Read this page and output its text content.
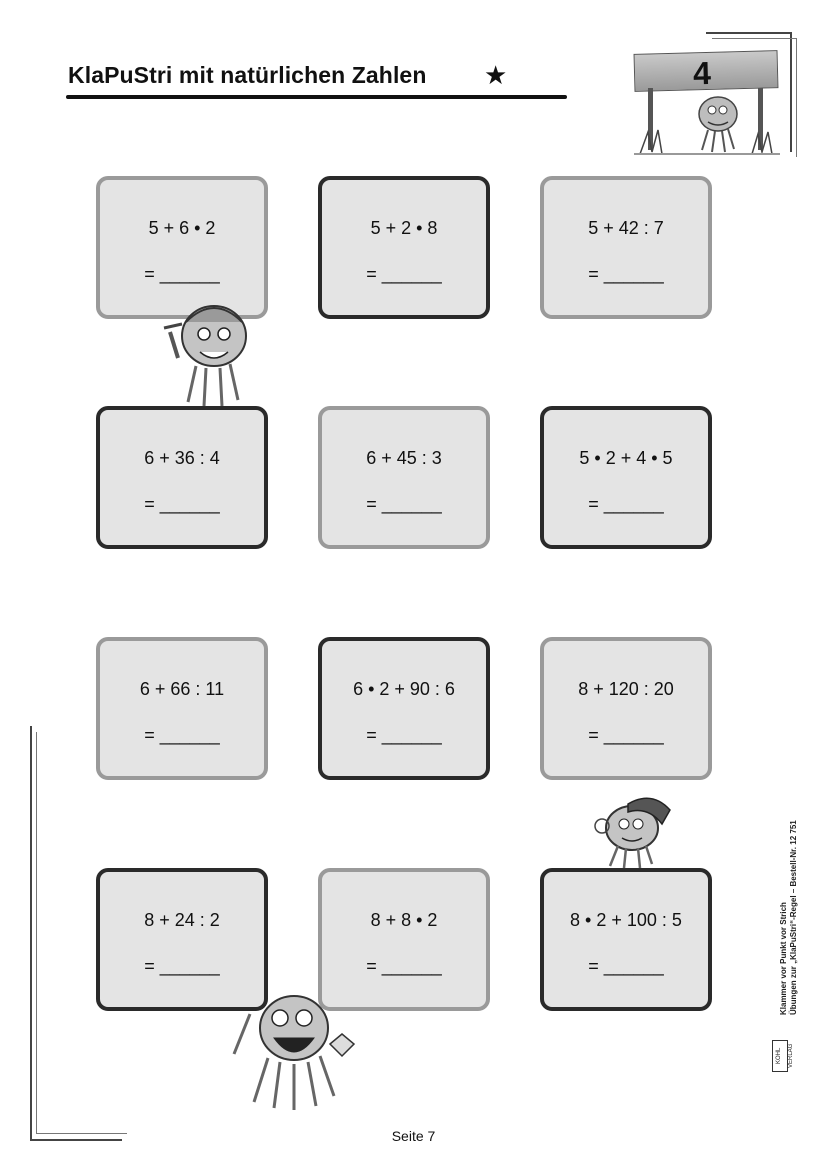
KlaPuStri mit natürlichen Zahlen ★	4
5 + 6 • 2
= ______
5 + 2 • 8
= ______
5 + 42 : 7
= ______
6 + 36 : 4
= ______
6 + 45 : 3
= ______
5 • 2 + 4 • 5
= ______
6 + 66 : 11
= ______
6 • 2 + 90 : 6
= ______
8 + 120 : 20
= ______
8 + 24 : 2
= ______
8 + 8 • 2
= ______
8 • 2 + 100 : 5
= ______	Klammer vor Punkt vor Strich Übungen zur „KlaPuStri“-Regel – Bestell-Nr. 12 751
KOHL VERLAG
Seite 7
